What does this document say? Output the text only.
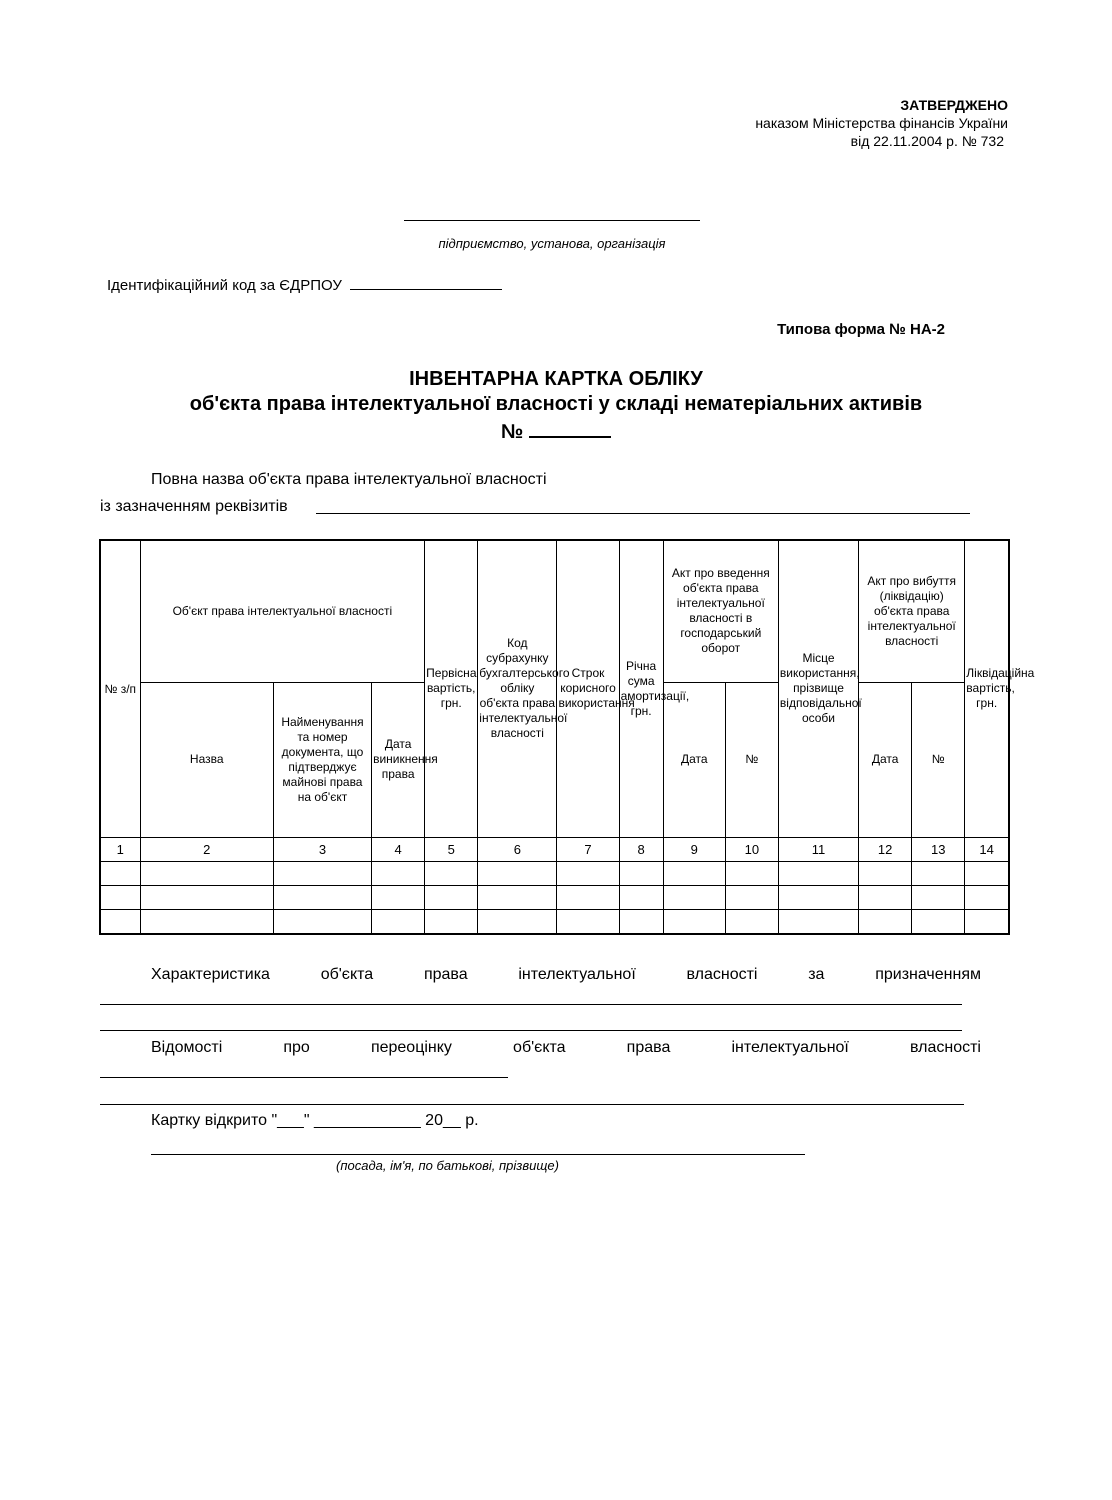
ЗАТВЕРДЖЕНО
наказом Міністерства фінансів України
від 22.11.2004 р. № 732
підприємство, установа, організація
Ідентифікаційний код за ЄДРПОУ
Типова форма № НА-2
ІНВЕНТАРНА КАРТКА ОБЛІКУ
об'єкта права інтелектуальної власності у складі нематеріальних активів
№
Повна назва об'єкта права інтелектуальної власності
із зазначенням реквізитів
№ з/п	Об'єкт права інтелектуальної власності			Первісна вартість, грн.	Код субрахунку бухгалтерського обліку об'єкта права інтелектуальної власності	Строк корисного використання	Річна сума амортизації, грн.	Акт про введення об'єкта права інтелектуальної власності в господарський оборот		Місце використання, прізвище відповідальної особи	Акт про вибуття (ліквідацію) об'єкта права інтелектуальної власності		Ліквідаційна вартість, грн.
	Назва	Найменування та номер документа, що підтверджує майнові права на об'єкт	Дата виникнення права					Дата	№		Дата	№	
1	2	3	4	5	6	7	8	9	10	11	12	13	14

Характеристика	об'єкта	права	інтелектуальної	власності	за	призначенням
Відомості	про	переоцінку	об'єкта	права	інтелектуальної	власності
Картку відкрито "___" ____________ 20__ р.
(посада, ім'я, по батькові, прізвище)
